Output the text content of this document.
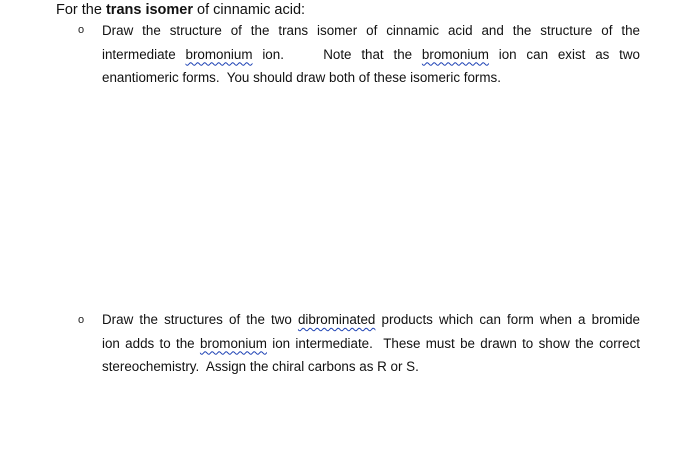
For the trans isomer of cinnamic acid:
o Draw the structure of the trans isomer of cinnamic acid and the structure of the
intermediate bromonium ion.    Note that the bromonium ion can exist as two
enantiomeric forms.  You should draw both of these isomeric forms.
o Draw the structures of the two dibrominated products which can form when a bromide
ion adds to the bromonium ion intermediate.  These must be drawn to show the correct
stereochemistry.  Assign the chiral carbons as R or S.
